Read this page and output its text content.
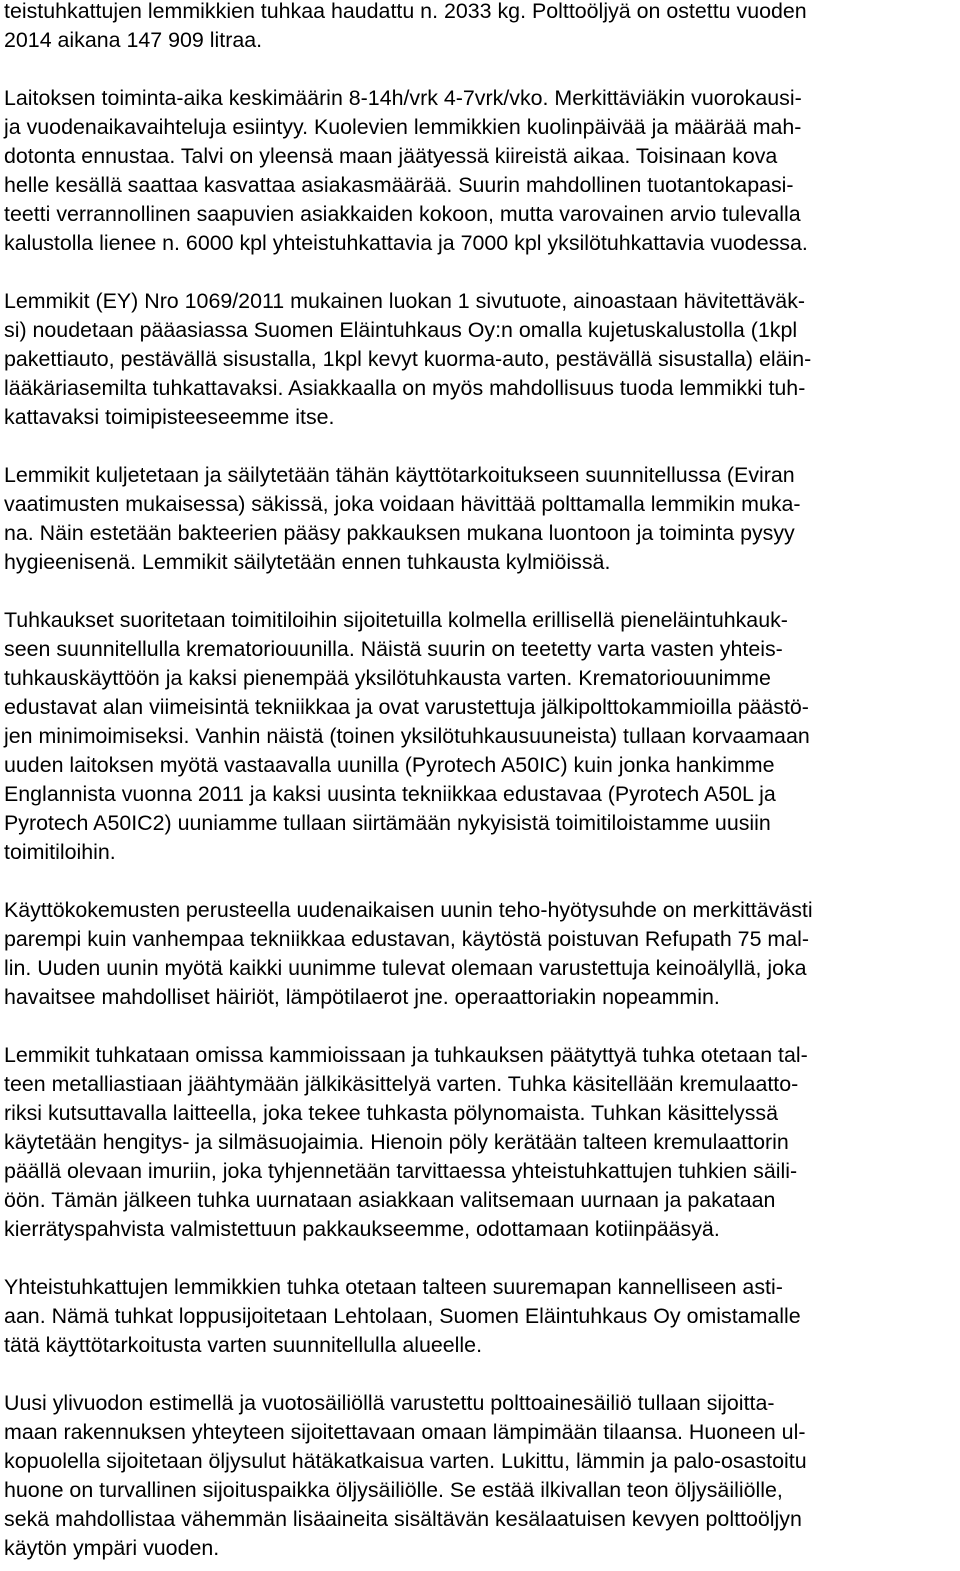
teistuhkattujen lemmikkien tuhkaa haudattu n. 2033 kg. Polttoöljyä on ostettu vuoden
2014 aikana 147 909 litraa.
Laitoksen toiminta-aika keskimäärin 8-14h/vrk 4-7vrk/vko. Merkittäviäkin vuorokausi-
ja vuodenaikavaihteluja esiintyy. Kuolevien lemmikkien kuolinpäivää ja määrää mah-
dotonta ennustaa. Talvi on yleensä maan jäätyessä kiireistä aikaa. Toisinaan kova
helle kesällä saattaa kasvattaa asiakasmäärää. Suurin mahdollinen tuotantokapasi-
teetti verrannollinen saapuvien asiakkaiden kokoon, mutta varovainen arvio tulevalla
kalustolla lienee n. 6000 kpl yhteistuhkattavia ja 7000 kpl yksilötuhkattavia vuodessa.
Lemmikit (EY) Nro 1069/2011 mukainen luokan 1 sivutuote, ainoastaan hävitettäväk-
si) noudetaan pääasiassa Suomen Eläintuhkaus Oy:n omalla kujetuskalustolla (1kpl
pakettiauto, pestävällä sisustalla, 1kpl kevyt kuorma-auto, pestävällä sisustalla) eläin-
lääkäriasemilta tuhkattavaksi. Asiakkaalla on myös mahdollisuus tuoda lemmikki tuh-
kattavaksi toimipisteeseemme itse.
Lemmikit kuljetetaan ja säilytetään tähän käyttötarkoitukseen suunnitellussa (Eviran
vaatimusten mukaisessa) säkissä, joka voidaan hävittää polttamalla lemmikin muka-
na. Näin estetään bakteerien pääsy pakkauksen mukana luontoon ja toiminta pysyy
hygieenisenä. Lemmikit säilytetään ennen tuhkausta kylmiöissä.
Tuhkaukset suoritetaan toimitiloihin sijoitetuilla kolmella erillisellä pieneläintuhkauk-
seen suunnitellulla krematoriouunilla. Näistä suurin on teetetty varta vasten yhteis-
tuhkauskäyttöön ja kaksi pienempää yksilötuhkausta varten. Krematoriouunimme
edustavat alan viimeisintä tekniikkaa ja ovat varustettuja jälkipolttokammioilla päästö-
jen minimoimiseksi. Vanhin näistä (toinen yksilötuhkausuuneista) tullaan korvaamaan
uuden laitoksen myötä vastaavalla uunilla (Pyrotech A50IC) kuin jonka hankimme
Englannista vuonna 2011 ja kaksi uusinta tekniikkaa edustavaa (Pyrotech A50L ja
Pyrotech A50IC2) uuniamme tullaan siirtämään nykyisistä toimitiloistamme uusiin
toimitiloihin.
Käyttökokemusten perusteella uudenaikaisen uunin teho-hyötysuhde on merkittävästi
parempi kuin vanhempaa tekniikkaa edustavan, käytöstä poistuvan Refupath 75 mal-
lin. Uuden uunin myötä kaikki uunimme tulevat olemaan varustettuja keinoälyllä, joka
havaitsee mahdolliset häiriöt, lämpötilaerot jne. operaattoriakin nopeammin.
Lemmikit tuhkataan omissa kammioissaan ja tuhkauksen päätyttyä tuhka otetaan tal-
teen metalliastiaan jäähtymään jälkikäsittelyä varten. Tuhka käsitellään kremulaatto-
riksi kutsuttavalla laitteella, joka tekee tuhkasta pölynomaista. Tuhkan käsittelyssä
käytetään hengitys- ja silmäsuojaimia. Hienoin pöly kerätään talteen kremulaattorin
päällä olevaan imuriin, joka tyhjennetään tarvittaessa yhteistuhkattujen tuhkien säili-
öön. Tämän jälkeen tuhka uurnataan asiakkaan valitsemaan uurnaan ja pakataan
kierrätyspahvista valmistettuun pakkaukseemme, odottamaan kotiinpääsyä.
Yhteistuhkattujen lemmikkien tuhka otetaan talteen suuremapan kannelliseen asti-
aan. Nämä tuhkat loppusijoitetaan Lehtolaan, Suomen Eläintuhkaus Oy omistamalle
tätä käyttötarkoitusta varten suunnitellulla alueelle.
Uusi ylivuodon estimellä ja vuotosäiliöllä varustettu polttoainesäiliö tullaan sijoitta-
maan rakennuksen yhteyteen sijoitettavaan omaan lämpimään tilaansa. Huoneen ul-
kopuolella sijoitetaan öljysulut hätäkatkaisua varten. Lukittu, lämmin ja palo-osastoitu
huone on turvallinen sijoituspaikka öljysäiliölle. Se estää ilkivallan teon öljysäiliölle,
sekä mahdollistaa vähemmän lisäaineita sisältävän kesälaatuisen kevyen polttoöljyn
käytön ympäri vuoden.
